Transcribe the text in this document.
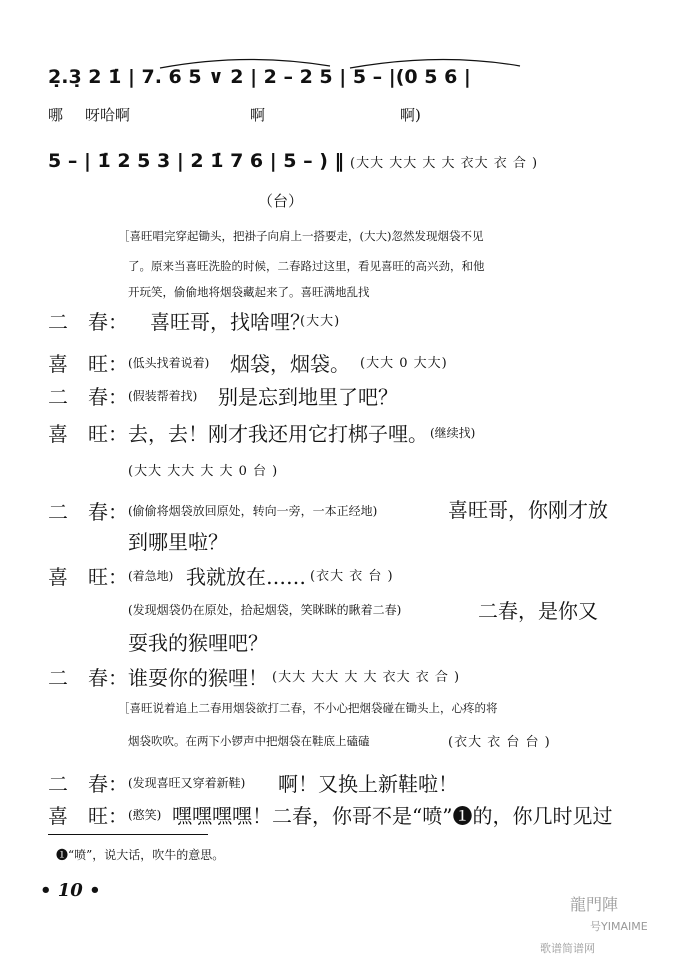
2̣.3̣ 2 1̇ | 7. 6 5 ∨ 2 | 2 – 2 5 | 5 – |(0 5 6 |
哪 呀哈啊	啊	啊)
5 – | 1̇ 2 5 3 | 2 1̇ 7 6 | 5 – ) ‖ (大大 大大 大 大 衣大 衣 合 )
（台）
［喜旺唱完穿起锄头，把褂子向肩上一搭要走，(大大)忽然发现烟袋不见
了。原来当喜旺洗脸的时候，二春路过这里，看见喜旺的高兴劲，和他
开玩笑，偷偷地将烟袋藏起来了。喜旺满地乱找
二　春： 喜旺哥，找啥哩？
(大大)
喜　旺： (低头找着说着) 烟袋，烟袋。 (大大 0 大大)
二　春： (假装帮着找) 别是忘到地里了吧？
喜　旺： 去，去！刚才我还用它打梆子哩。 (继续找)
(大大 大大 大 大 0 台 )
二　春： (偷偷将烟袋放回原处，转向一旁，一本正经地)	喜旺哥，你刚才放
到哪里啦？
喜　旺： (着急地) 我就放在…… (衣大 衣 台 )
(发现烟袋仍在原处，拾起烟袋，笑眯眯的瞅着二春)	二春，是你又
耍我的猴哩吧？
二　春： 谁耍你的猴哩！ (大大 大大 大 大 衣大 衣 合 )
［喜旺说着追上二春用烟袋欲打二春，不小心把烟袋碰在锄头上，心疼的将
烟袋吹吹。在两下小锣声中把烟袋在鞋底上磕磕	(衣大 衣 台 台 )
二　春： (发现喜旺又穿着新鞋) 啊！又换上新鞋啦！
喜　旺： (憨笑) 嘿嘿嘿嘿！二春，你哥不是“喷”❶的，你几时见过
❶“喷”，说大话，吹牛的意思。
• 10 •
龍門陣
号YIMAIME
歌谱简谱网
